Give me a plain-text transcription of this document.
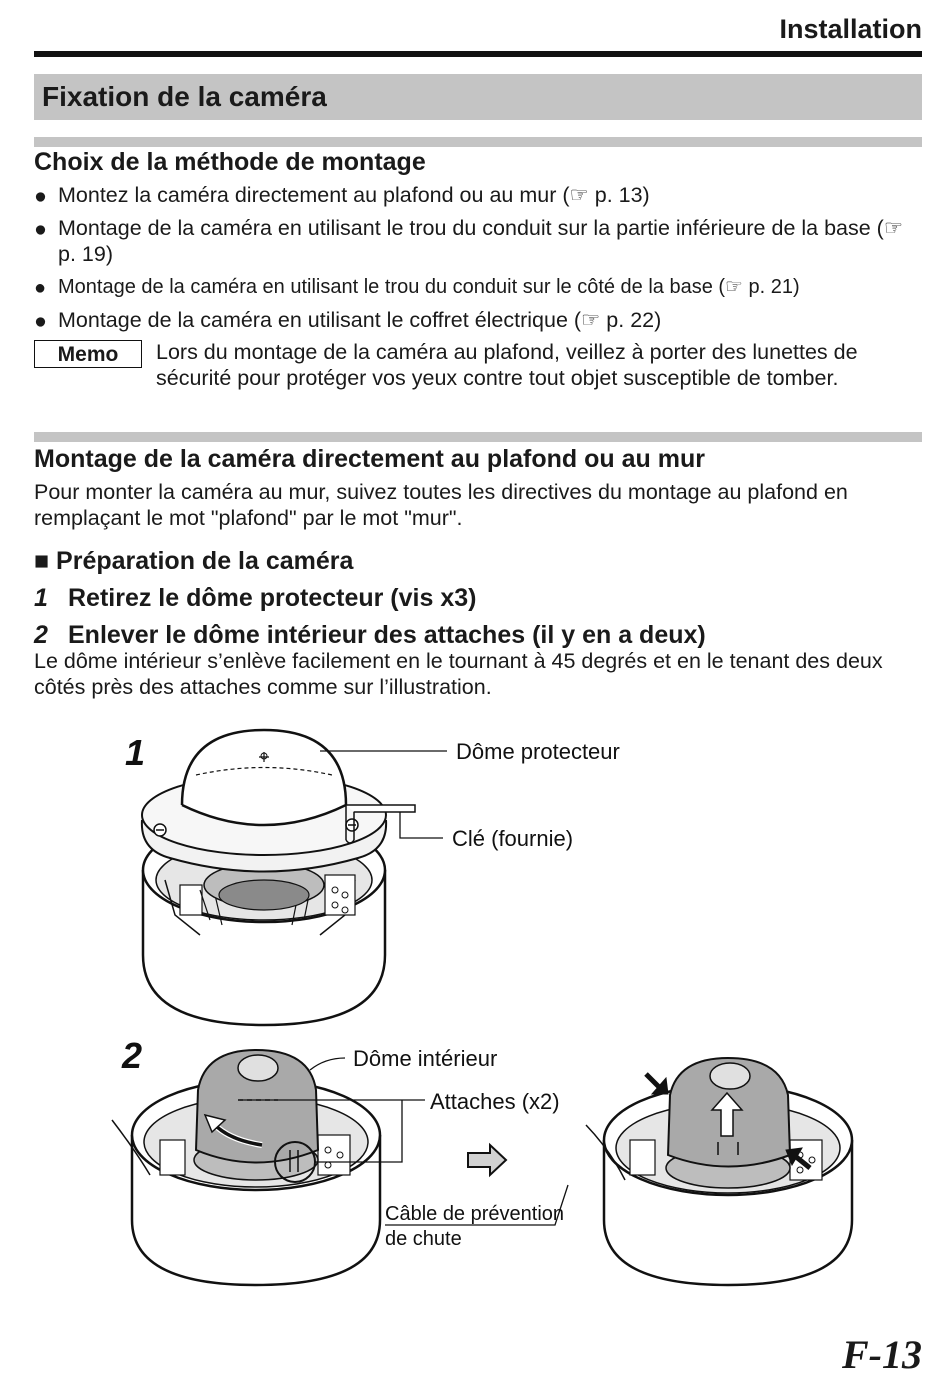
Installation
Fixation de la caméra
Choix de la méthode de montage
● Montez la caméra directement au plafond ou au mur (☞ p. 13)
● Montage de la caméra en utilisant le trou du conduit sur la partie inférieure de la base (☞ p. 19)
● Montage de la caméra en utilisant le trou du conduit sur le côté de la base (☞ p. 21)
● Montage de la caméra en utilisant le coffret électrique (☞ p. 22)
Memo	Lors du montage de la caméra au plafond, veillez à porter des lunettes de sécurité pour protéger vos yeux contre tout objet susceptible de tomber.
Montage de la caméra directement au plafond ou au mur
Pour monter la caméra au mur, suivez toutes les directives du montage au plafond en remplaçant le mot "plafond" par le mot "mur".
■ Préparation de la caméra
1 Retirez le dôme protecteur (vis x3)
2 Enlever le dôme intérieur des attaches (il y en a deux)
Le dôme intérieur s’enlève facilement en le tournant à 45 degrés et en le tenant des deux côtés près des attaches comme sur l’illustration.
1	Dôme protecteur
Clé (fournie)
2	Dôme intérieur
Attaches (x2)
Câble de prévention
de chute
F-13
